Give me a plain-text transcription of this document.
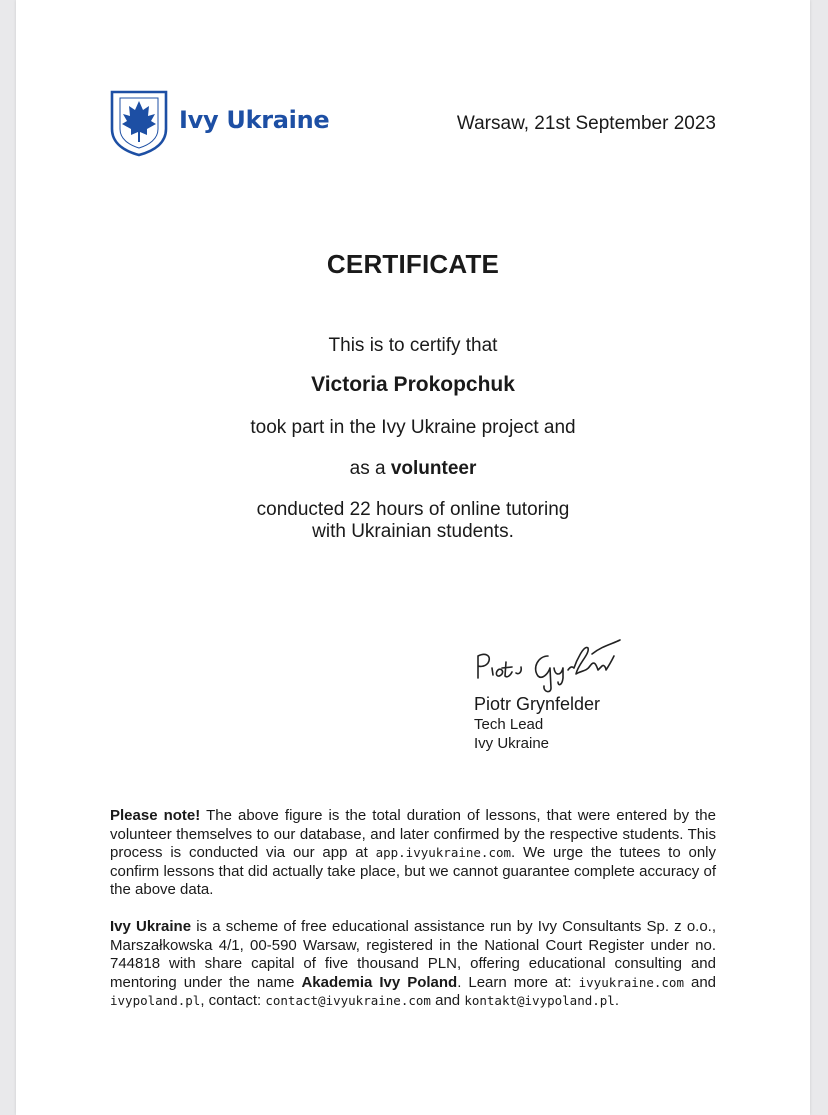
Ivy Ukraine	Warsaw, 21st September 2023
CERTIFICATE
This is to certify that
Victoria Prokopchuk
took part in the Ivy Ukraine project and
as a volunteer
conducted 22 hours of online tutoring
with Ukrainian students.
Piotr Grynfelder
Tech Lead
Ivy Ukraine
Please note! The above figure is the total duration of lessons, that were entered by the volunteer themselves to our database, and later confirmed by the respective students. This process is conducted via our app at app.ivyukraine.com. We urge the tutees to only confirm lessons that did actually take place, but we cannot guarantee complete accuracy of the above data.
Ivy Ukraine is a scheme of free educational assistance run by Ivy Consultants Sp. z o.o., Marszałkowska 4/1, 00-590 Warsaw, registered in the National Court Register under no. 744818 with share capital of five thousand PLN, offering educational consulting and mentoring under the name Akademia Ivy Poland. Learn more at: ivyukraine.com and ivypoland.pl, contact: contact@ivyukraine.com and kontakt@ivypoland.pl.
